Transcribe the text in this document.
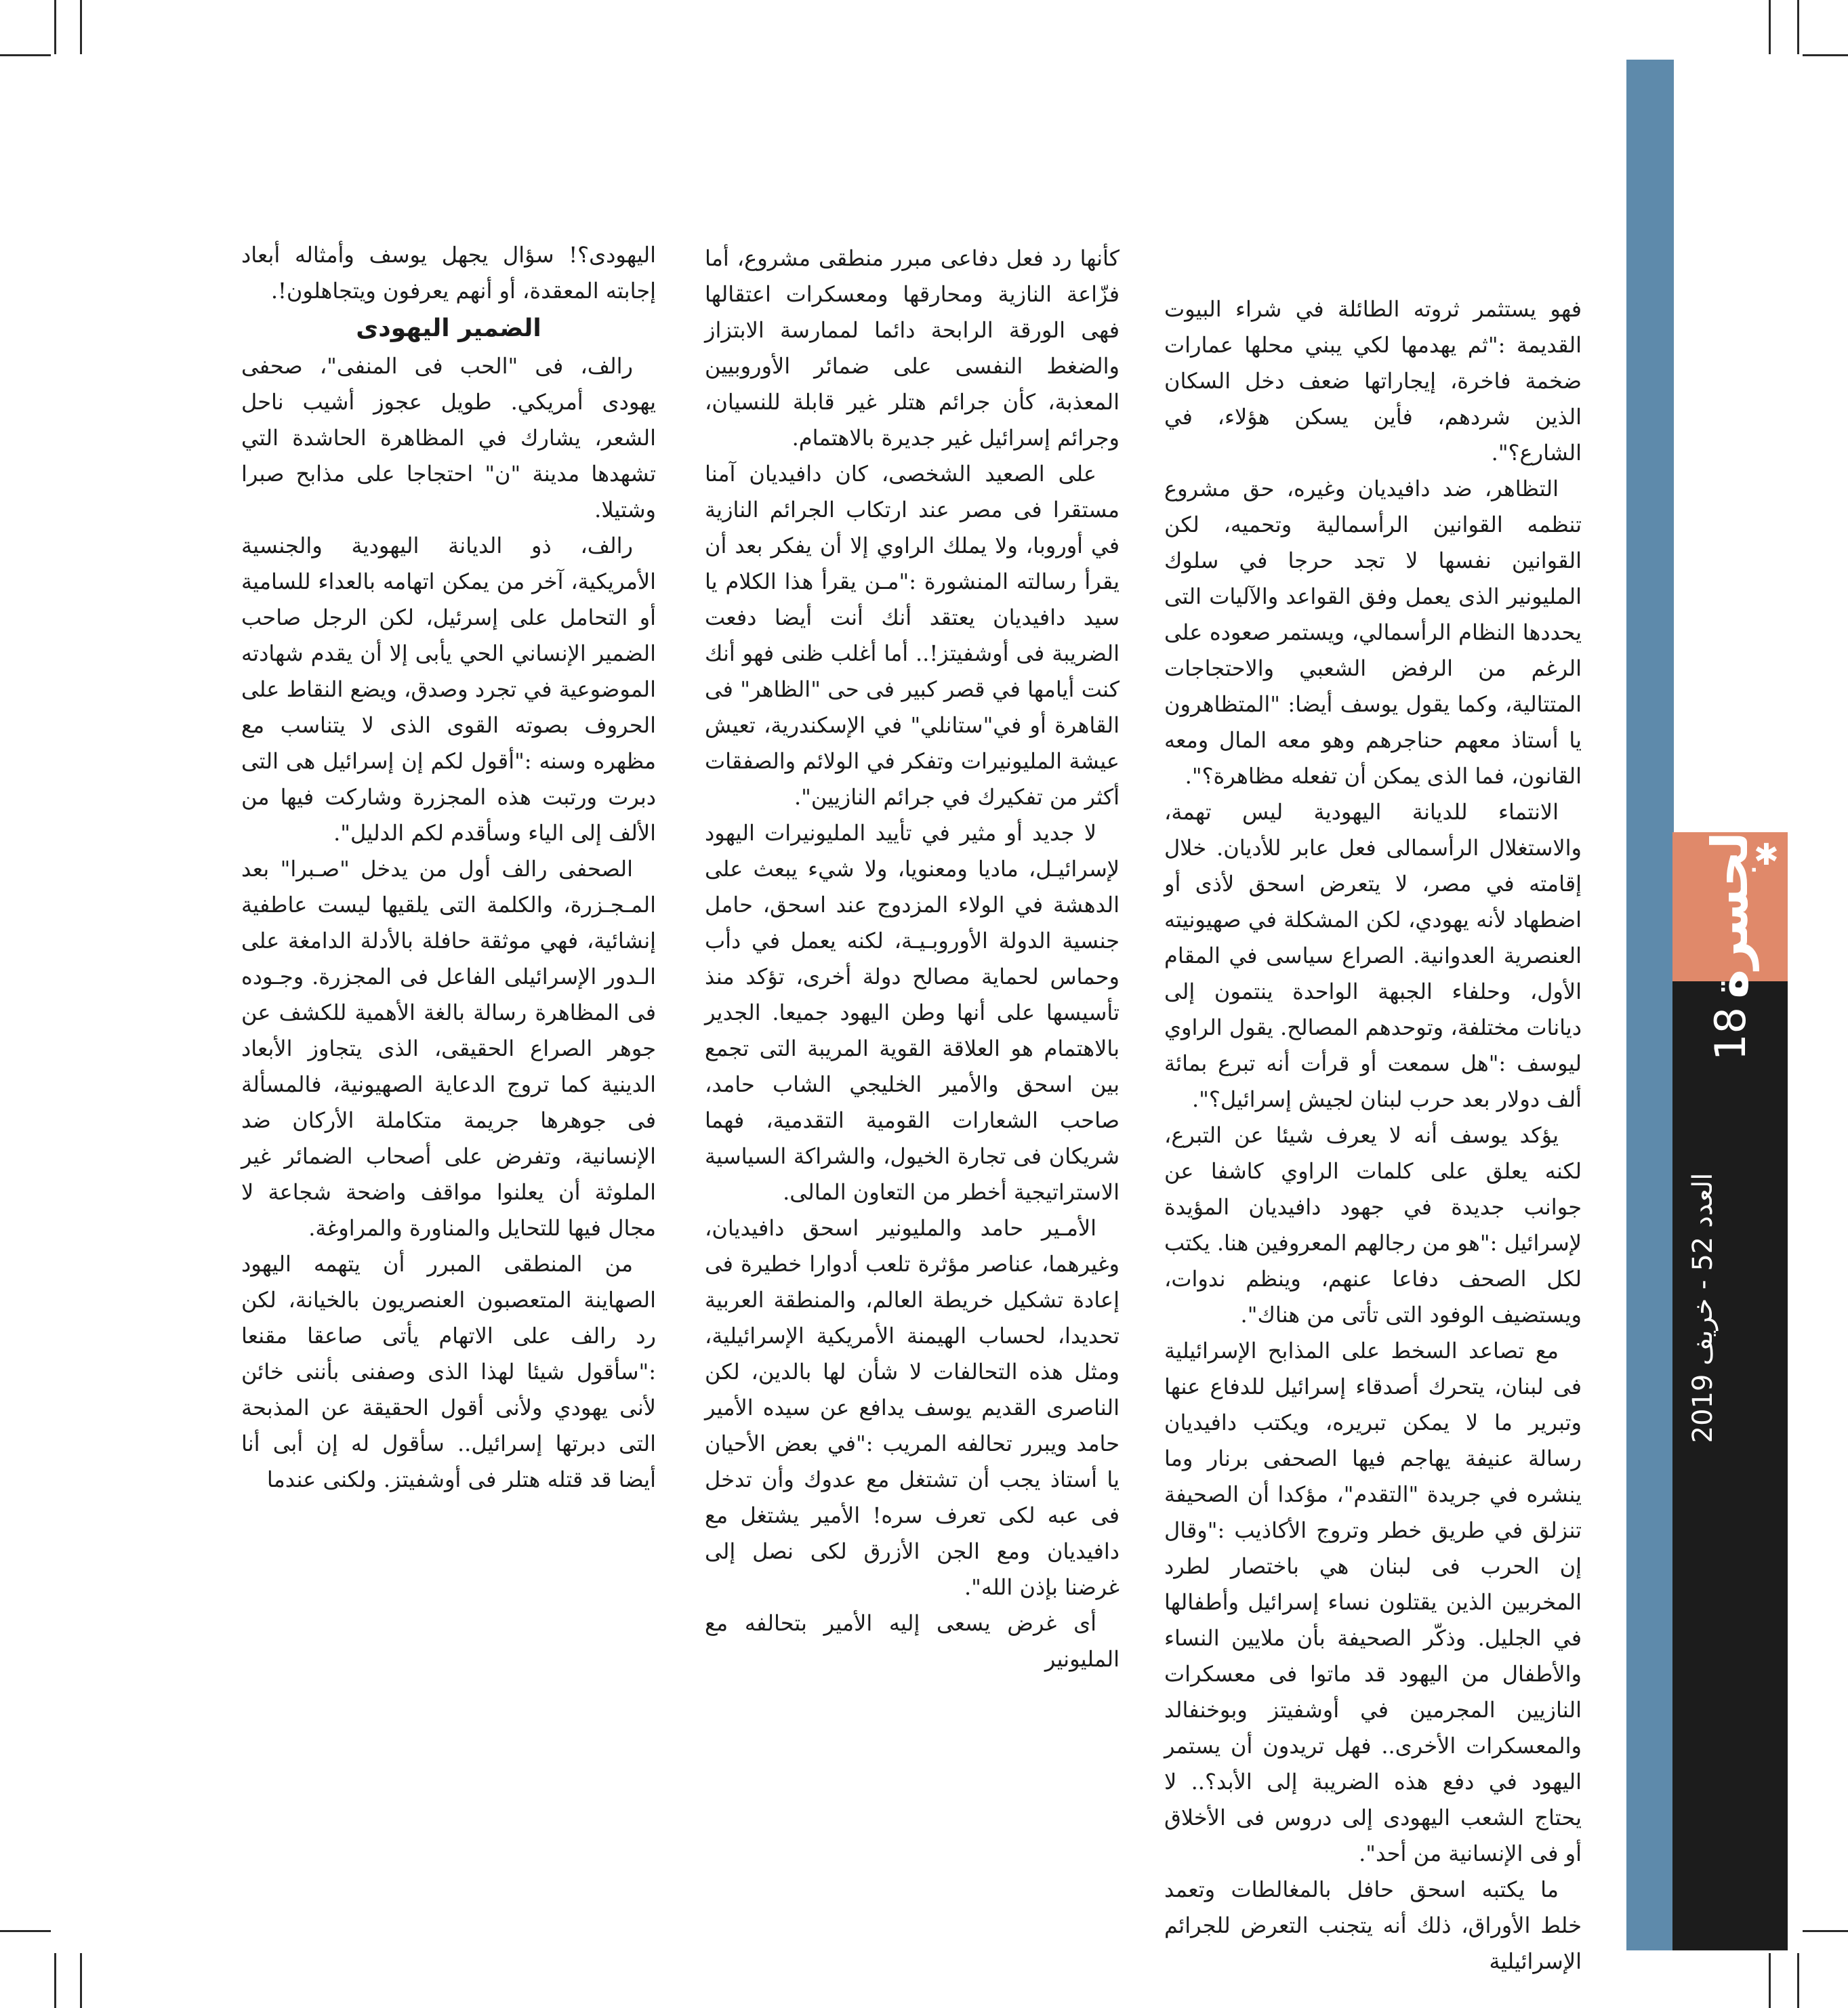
✱
الجسرة
18
العدد 52 - خريف 2019

فهو يستثمر ثروته الطائلة في شراء البيوت القديمة :"ثم يهدمها لكي يبني محلها عمارات ضخمة فاخرة، إيجاراتها ضعف دخل السكان الذين شردهم، فأين يسكن هؤلاء، في الشارع؟".

التظاهر، ضد دافيديان وغيره، حق مشروع تنظمه القوانين الرأسمالية وتحميه، لكن القوانين نفسها لا تجد حرجا في سلوك المليونير الذى يعمل وفق القواعد والآليات التى يحددها النظام الرأسمالي، ويستمر صعوده على الرغم من الرفض الشعبي والاحتجاجات المتتالية، وكما يقول يوسف أيضا: "المتظاهرون يا أستاذ معهم حناجرهم وهو معه المال ومعه القانون، فما الذى يمكن أن تفعله مظاهرة؟".

الانتماء للديانة اليهودية ليس تهمة، والاستغلال الرأسمالى فعل عابر للأديان. خلال إقامته في مصر، لا يتعرض اسحق لأذى أو اضطهاد لأنه يهودي، لكن المشكلة في صهيونيته العنصرية العدوانية. الصراع سياسى في المقام الأول، وحلفاء الجبهة الواحدة ينتمون إلى ديانات مختلفة، وتوحدهم المصالح. يقول الراوي ليوسف :"هل سمعت أو قرأت أنه تبرع بمائة ألف دولار بعد حرب لبنان لجيش إسرائيل؟".

يؤكد يوسف أنه لا يعرف شيئا عن التبرع، لكنه يعلق على كلمات الراوي كاشفا عن جوانب جديدة في جهود دافيديان المؤيدة لإسرائيل :"هو من رجالهم المعروفين هنا. يكتب لكل الصحف دفاعا عنهم، وينظم ندوات، ويستضيف الوفود التى تأتى من هناك".

مع تصاعد السخط على المذابح الإسرائيلية فى لبنان، يتحرك أصدقاء إسرائيل للدفاع عنها وتبرير ما لا يمكن تبريره، ويكتب دافيديان رسالة عنيفة يهاجم فيها الصحفى برنار وما ينشره في جريدة "التقدم"، مؤكدا أن الصحيفة تنزلق في طريق خطر وتروج الأكاذيب :"وقال إن الحرب فى لبنان هي باختصار لطرد المخربين الذين يقتلون نساء إسرائيل وأطفالها في الجليل. وذكّر الصحيفة بأن ملايين النساء والأطفال من اليهود قد ماتوا فى معسكرات النازيين المجرمين في أوشفيتز وبوخنفالد والمعسكرات الأخرى.. فهل تريدون أن يستمر اليهود في دفع هذه الضريبة إلى الأبد؟.. لا يحتاج الشعب اليهودى إلى دروس فى الأخلاق أو فى الإنسانية من أحد".

ما يكتبه اسحق حافل بالمغالطات وتعمد خلط الأوراق، ذلك أنه يتجنب التعرض للجرائم الإسرائيلية

كأنها رد فعل دفاعى مبرر منطقى مشروع، أما فزّاعة النازية ومحارقها ومعسكرات اعتقالها فهى الورقة الرابحة دائما لممارسة الابتزاز والضغط النفسى على ضمائر الأوروبيين المعذبة، كأن جرائم هتلر غير قابلة للنسيان، وجرائم إسرائيل غير جديرة بالاهتمام.

على الصعيد الشخصى، كان دافيديان آمنا مستقرا فى مصر عند ارتكاب الجرائم النازية في أوروبا، ولا يملك الراوي إلا أن يفكر بعد أن يقرأ رسالته المنشورة :"مـن يقرأ هذا الكلام يا سيد دافيديان يعتقد أنك أنت أيضا دفعت الضريبة فى أوشفيتز!.. أما أغلب ظنى فهو أنك كنت أيامها في قصر كبير فى حى "الظاهر" فى القاهرة أو في"ستانلي" في الإسكندرية، تعيش عيشة المليونيرات وتفكر في الولائم والصفقات أكثر من تفكيرك في جرائم النازيين".

لا جديد أو مثير في تأييد المليونيرات اليهود لإسرائيـل، ماديا ومعنويا، ولا شيء يبعث على الدهشة في الولاء المزدوج عند اسحق، حامل جنسية الدولة الأوروبـيـة، لكنه يعمل في دأب وحماس لحماية مصالح دولة أخرى، تؤكد منذ تأسيسها على أنها وطن اليهود جميعا. الجدير بالاهتمام هو العلاقة القوية المريبة التى تجمع بين اسحق والأمير الخليجي الشاب حامد، صاحب الشعارات القومية التقدمية، فهما شريكان فى تجارة الخيول، والشراكة السياسية الاستراتيجية أخطر من التعاون المالى.

الأمـير حامد والمليونير اسحق دافيديان، وغيرهما، عناصر مؤثرة تلعب أدوارا خطيرة فى إعادة تشكيل خريطة العالم، والمنطقة العربية تحديدا، لحساب الهيمنة الأمريكية الإسرائيلية، ومثل هذه التحالفات لا شأن لها بالدين، لكن الناصرى القديم يوسف يدافع عن سيده الأمير حامد ويبرر تحالفه المريب :"في بعض الأحيان يا أستاذ يجب أن تشتغل مع عدوك وأن تدخل فى عبه لكى تعرف سره! الأمير يشتغل مع دافيديان ومع الجن الأزرق لكى نصل إلى غرضنا بإذن الله".

أى غرض يسعى إليه الأمير بتحالفه مع المليونير

اليهودى؟! سؤال يجهل يوسف وأمثاله أبعاد إجابته المعقدة، أو أنهم يعرفون ويتجاهلون!.

الضمير اليهودى

رالف، فى "الحب فى المنفى"، صحفى يهودى أمريكي. طويل عجوز أشيب ناحل الشعر، يشارك في المظاهرة الحاشدة التي تشهدها مدينة "ن" احتجاجا على مذابح صبرا وشتيلا.

رالف، ذو الديانة اليهودية والجنسية الأمريكية، آخر من يمكن اتهامه بالعداء للسامية أو التحامل على إسرئيل، لكن الرجل صاحب الضمير الإنساني الحي يأبى إلا أن يقدم شهادته الموضوعية في تجرد وصدق، ويضع النقاط على الحروف بصوته القوى الذى لا يتناسب مع مظهره وسنه :"أقول لكم إن إسرائيل هى التى دبرت ورتبت هذه المجزرة وشاركت فيها من الألف إلى الياء وسأقدم لكم الدليل".

الصحفى رالف أول من يدخل "صـبرا" بعد المـجـزرة، والكلمة التى يلقيها ليست عاطفية إنشائية، فهي موثقة حافلة بالأدلة الدامغة على الـدور الإسرائيلى الفاعل فى المجزرة. وجـوده فى المظاهرة رسالة بالغة الأهمية للكشف عن جوهر الصراع الحقيقى، الذى يتجاوز الأبعاد الدينية كما تروج الدعاية الصهيونية، فالمسألة فى جوهرها جريمة متكاملة الأركان ضد الإنسانية، وتفرض على أصحاب الضمائر غير الملوثة أن يعلنوا مواقف واضحة شجاعة لا مجال فيها للتحايل والمناورة والمراوغة.

من المنطقى المبرر أن يتهمه اليهود الصهاينة المتعصبون العنصريون بالخيانة، لكن رد رالف على الاتهام يأتى صاعقا مقنعا :"سأقول شيئا لهذا الذى وصفنى بأننى خائن لأنى يهودي ولأنى أقول الحقيقة عن المذبحة التى دبرتها إسرائيل.. سأقول له إن أبى أنا أيضا قد قتله هتلر فى أوشفيتز. ولكنى عندما
